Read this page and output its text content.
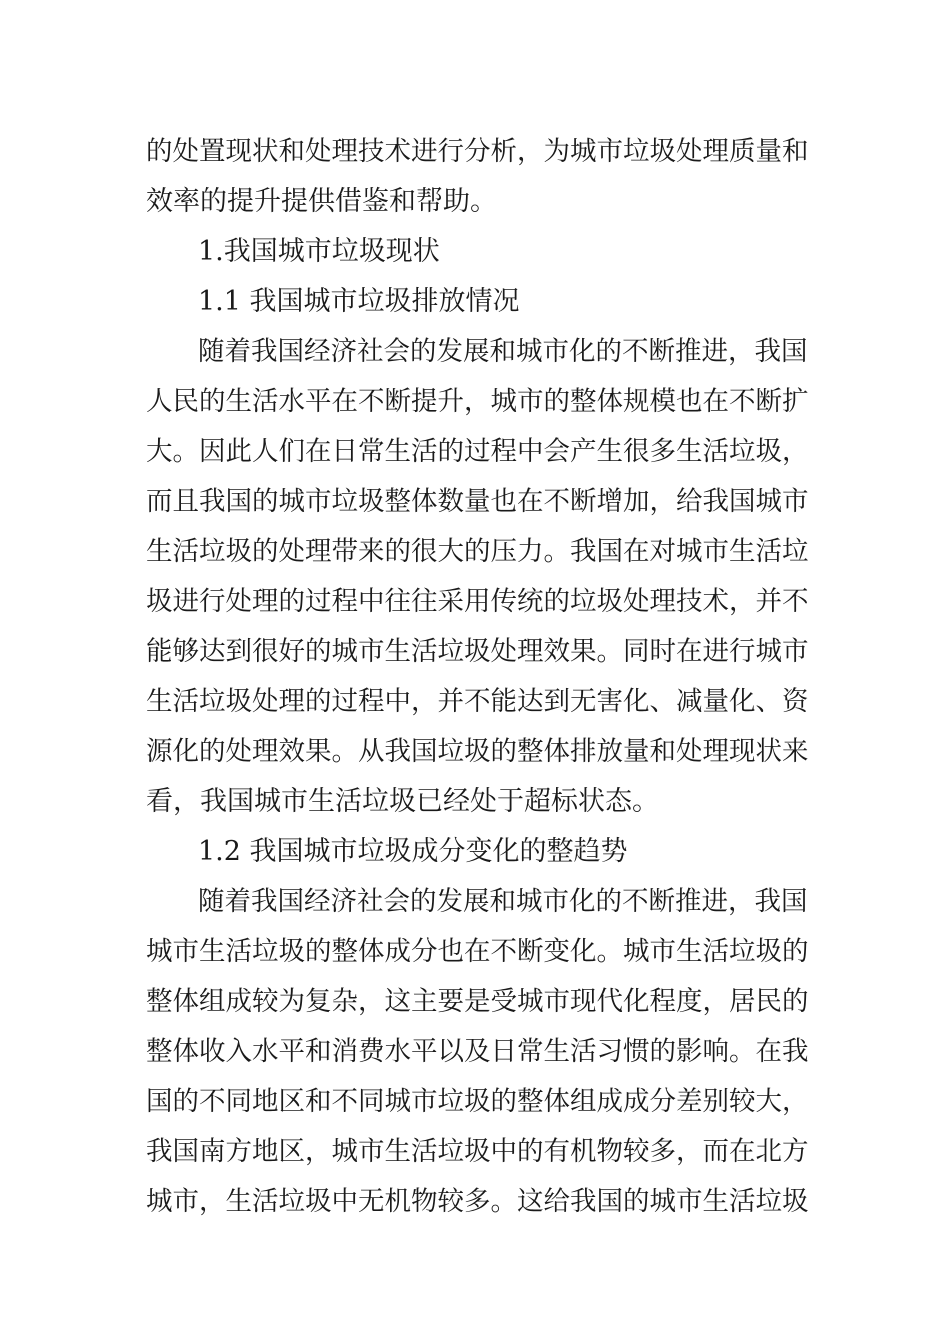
的处置现状和处理技术进行分析，为城市垃圾处理质量和
效率的提升提供借鉴和帮助。
1.我国城市垃圾现状
1.1 我国城市垃圾排放情况
随着我国经济社会的发展和城市化的不断推进，我国
人民的生活水平在不断提升，城市的整体规模也在不断扩
大。因此人们在日常生活的过程中会产生很多生活垃圾，
而且我国的城市垃圾整体数量也在不断增加，给我国城市
生活垃圾的处理带来的很大的压力。我国在对城市生活垃
圾进行处理的过程中往往采用传统的垃圾处理技术，并不
能够达到很好的城市生活垃圾处理效果。同时在进行城市
生活垃圾处理的过程中，并不能达到无害化、减量化、资
源化的处理效果。从我国垃圾的整体排放量和处理现状来
看，我国城市生活垃圾已经处于超标状态。
1.2 我国城市垃圾成分变化的整趋势
随着我国经济社会的发展和城市化的不断推进，我国
城市生活垃圾的整体成分也在不断变化。城市生活垃圾的
整体组成较为复杂，这主要是受城市现代化程度，居民的
整体收入水平和消费水平以及日常生活习惯的影响。在我
国的不同地区和不同城市垃圾的整体组成成分差别较大，
我国南方地区，城市生活垃圾中的有机物较多，而在北方
城市，生活垃圾中无机物较多。这给我国的城市生活垃圾
